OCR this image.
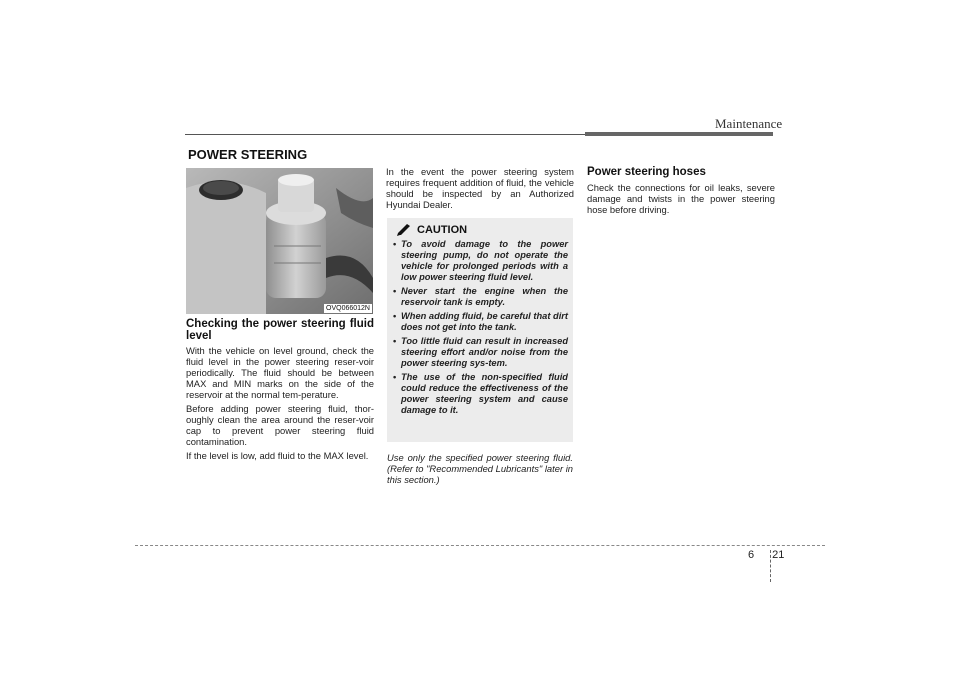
Maintenance
POWER STEERING
OVQ066012N

Checking the power steering fluid level

With the vehicle on level ground, check the fluid level in the power steering reser-voir periodically. The fluid should be between MAX and MIN marks on the side of the reservoir at the normal tem-perature.

Before adding power steering fluid, thor-oughly clean the area around the reser-voir cap to prevent power steering fluid contamination.

If the level is low, add fluid to the MAX level.

In the event the power steering system requires frequent addition of fluid, the vehicle should be inspected by an Authorized Hyundai Dealer.

CAUTION
• To avoid damage to the power steering pump, do not operate the vehicle for prolonged periods with a low power steering fluid level.
• Never start the engine when the reservoir tank is empty.
• When adding fluid, be careful that dirt does not get into the tank.
• Too little fluid can result in increased steering effort and/or noise from the power steering sys-tem.
• The use of the non-specified fluid could reduce the effectiveness of the power steering system and cause damage to it.
Use only the specified power steering fluid. (Refer to "Recommended Lubricants" later in this section.)

Power steering hoses

Check the connections for oil leaks, severe damage and twists in the power steering hose before driving.

6 21
